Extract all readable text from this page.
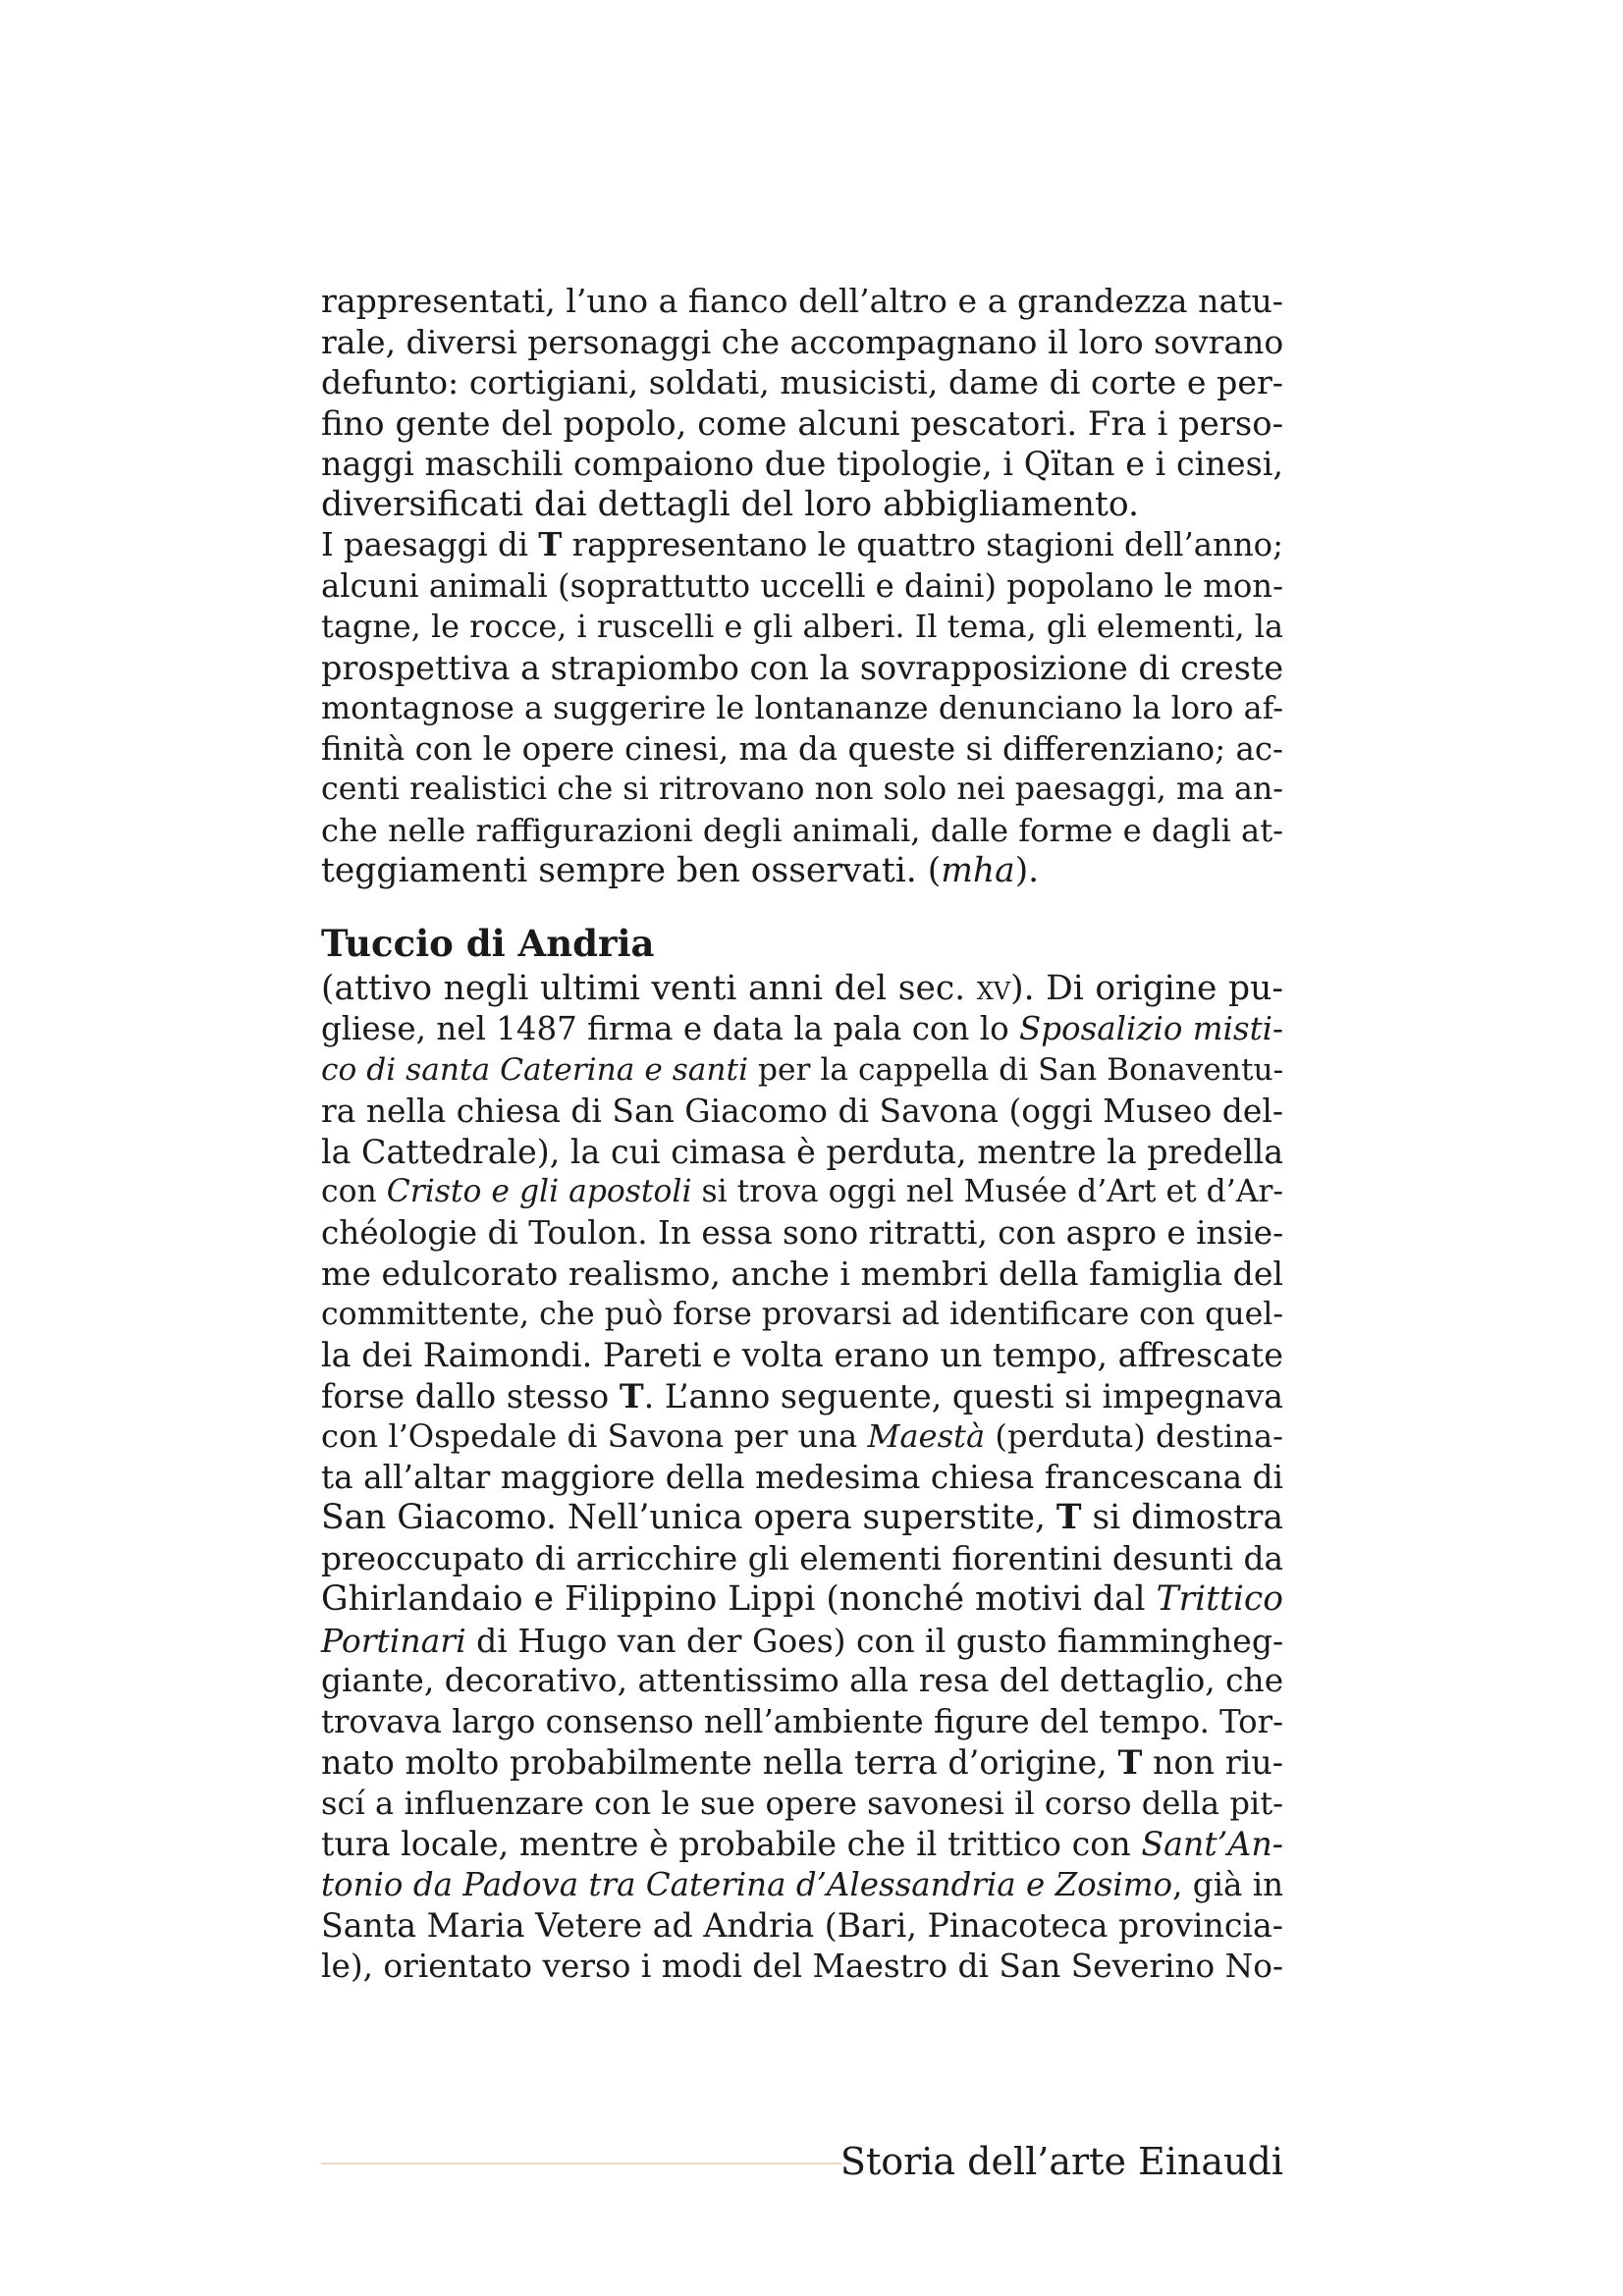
rappresentati, l’uno a fianco dell’altro e a grandezza natu-
rale, diversi personaggi che accompagnano il loro sovrano
defunto: cortigiani, soldati, musicisti, dame di corte e per-
fino gente del popolo, come alcuni pescatori. Fra i perso-
naggi maschili compaiono due tipologie, i Qïtan e i cinesi,
diversificati dai dettagli del loro abbigliamento.
I paesaggi di T rappresentano le quattro stagioni dell’anno;
alcuni animali (soprattutto uccelli e daini) popolano le mon-
tagne, le rocce, i ruscelli e gli alberi. Il tema, gli elementi, la
prospettiva a strapiombo con la sovrapposizione di creste
montagnose a suggerire le lontananze denunciano la loro af-
finità con le opere cinesi, ma da queste si differenziano; ac-
centi realistici che si ritrovano non solo nei paesaggi, ma an-
che nelle raffigurazioni degli animali, dalle forme e dagli at-
teggiamenti sempre ben osservati. (mha).
Tuccio di Andria
(attivo negli ultimi venti anni del sec. xv). Di origine pu-
gliese, nel 1487 firma e data la pala con lo Sposalizio misti-
co di santa Caterina e santi per la cappella di San Bonaventu-
ra nella chiesa di San Giacomo di Savona (oggi Museo del-
la Cattedrale), la cui cimasa è perduta, mentre la predella
con Cristo e gli apostoli si trova oggi nel Musée d’Art et d’Ar-
chéologie di Toulon. In essa sono ritratti, con aspro e insie-
me edulcorato realismo, anche i membri della famiglia del
committente, che può forse provarsi ad identificare con quel-
la dei Raimondi. Pareti e volta erano un tempo, affrescate
forse dallo stesso T. L’anno seguente, questi si impegnava
con l’Ospedale di Savona per una Maestà (perduta) destina-
ta all’altar maggiore della medesima chiesa francescana di
San Giacomo. Nell’unica opera superstite, T si dimostra
preoccupato di arricchire gli elementi fiorentini desunti da
Ghirlandaio e Filippino Lippi (nonché motivi dal Trittico
Portinari di Hugo van der Goes) con il gusto fiammingheg-
giante, decorativo, attentissimo alla resa del dettaglio, che
trovava largo consenso nell’ambiente figure del tempo. Tor-
nato molto probabilmente nella terra d’origine, T non riu-
scí a influenzare con le sue opere savonesi il corso della pit-
tura locale, mentre è probabile che il trittico con Sant’An-
tonio da Padova tra Caterina d’Alessandria e Zosimo, già in
Santa Maria Vetere ad Andria (Bari, Pinacoteca provincia-
le), orientato verso i modi del Maestro di San Severino No-
Storia dell’arte Einaudi
